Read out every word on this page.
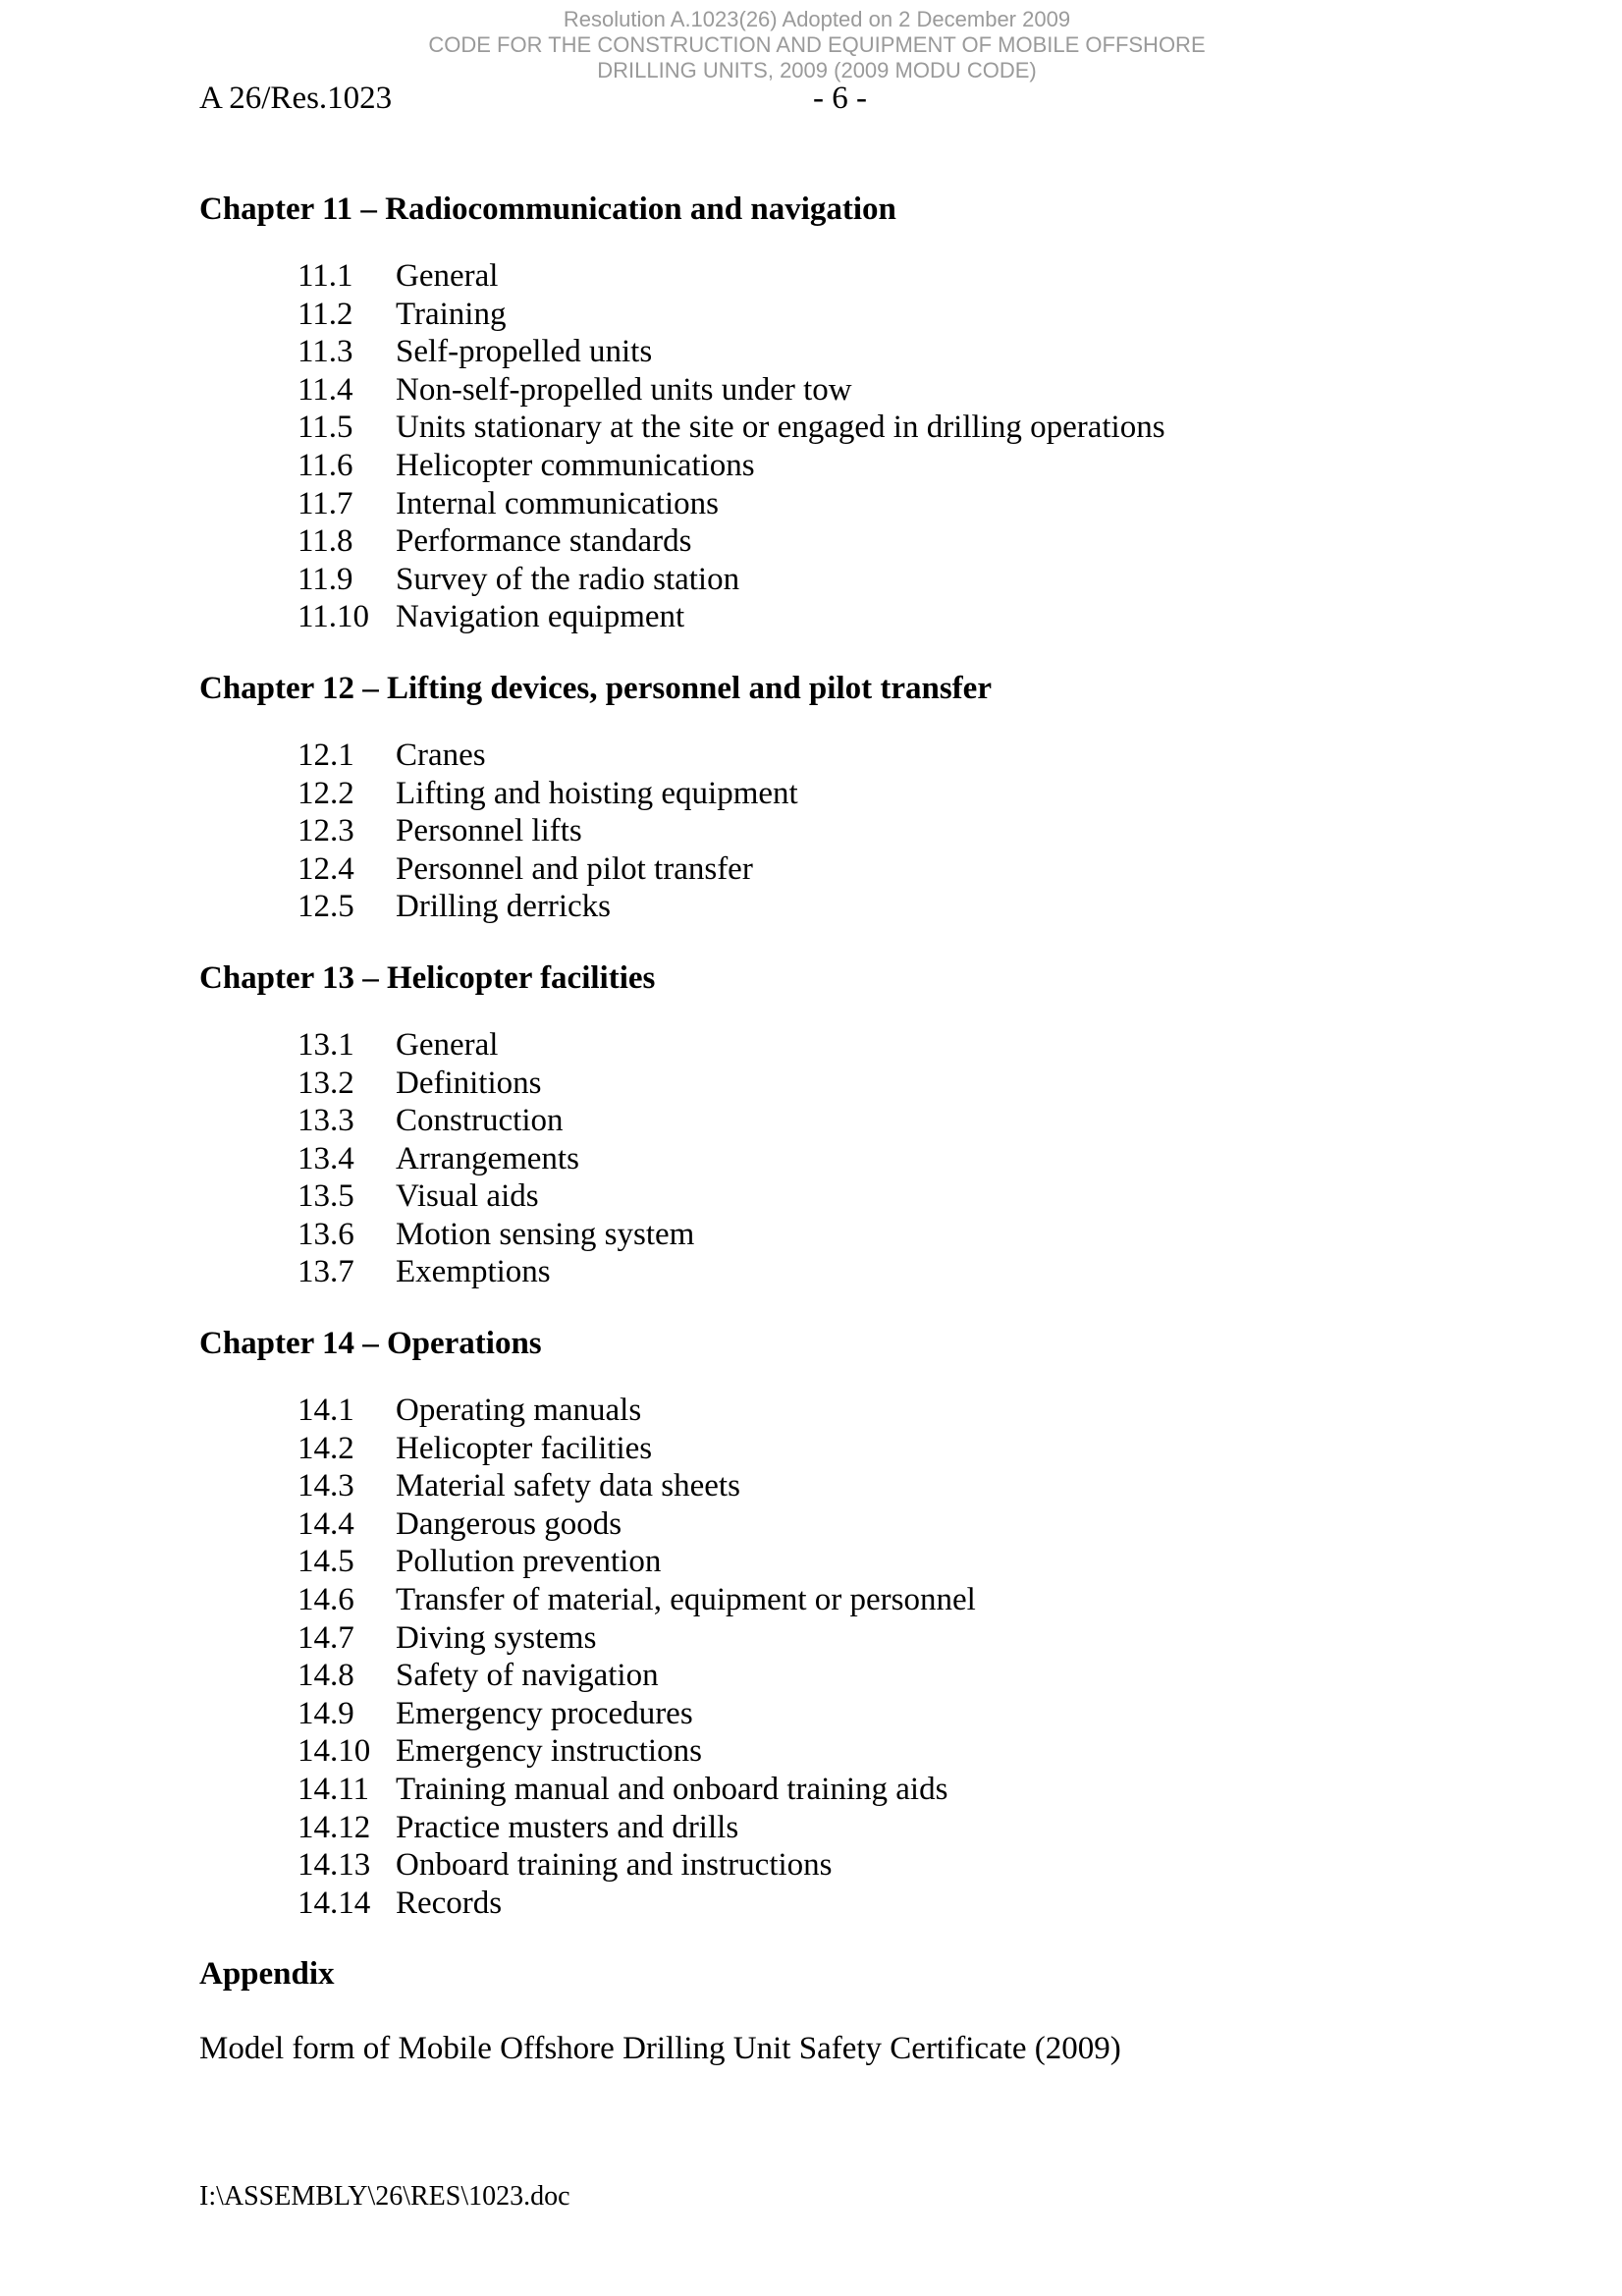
Resolution A.1023(26) Adopted on 2 December 2009
CODE FOR THE CONSTRUCTION AND EQUIPMENT OF MOBILE OFFSHORE
DRILLING UNITS, 2009 (2009 MODU CODE)
A 26/Res.1023	- 6 -
Chapter 11 – Radiocommunication and navigation
11.1	General
11.2	Training
11.3	Self-propelled units
11.4	Non-self-propelled units under tow
11.5	Units stationary at the site or engaged in drilling operations
11.6	Helicopter communications
11.7	Internal communications
11.8	Performance standards
11.9	Survey of the radio station
11.10 Navigation equipment
Chapter 12 – Lifting devices, personnel and pilot transfer
12.1	Cranes
12.2	Lifting and hoisting equipment
12.3	Personnel lifts
12.4	Personnel and pilot transfer
12.5	Drilling derricks
Chapter 13 – Helicopter facilities
13.1	General
13.2	Definitions
13.3	Construction
13.4	Arrangements
13.5	Visual aids
13.6	Motion sensing system
13.7	Exemptions
Chapter 14 – Operations
14.1	Operating manuals
14.2	Helicopter facilities
14.3	Material safety data sheets
14.4	Dangerous goods
14.5	Pollution prevention
14.6	Transfer of material, equipment or personnel
14.7	Diving systems
14.8	Safety of navigation
14.9	Emergency procedures
14.10 Emergency instructions
14.11 Training manual and onboard training aids
14.12 Practice musters and drills
14.13 Onboard training and instructions
14.14 Records
Appendix
Model form of Mobile Offshore Drilling Unit Safety Certificate (2009)
I:\ASSEMBLY\26\RES\1023.doc
